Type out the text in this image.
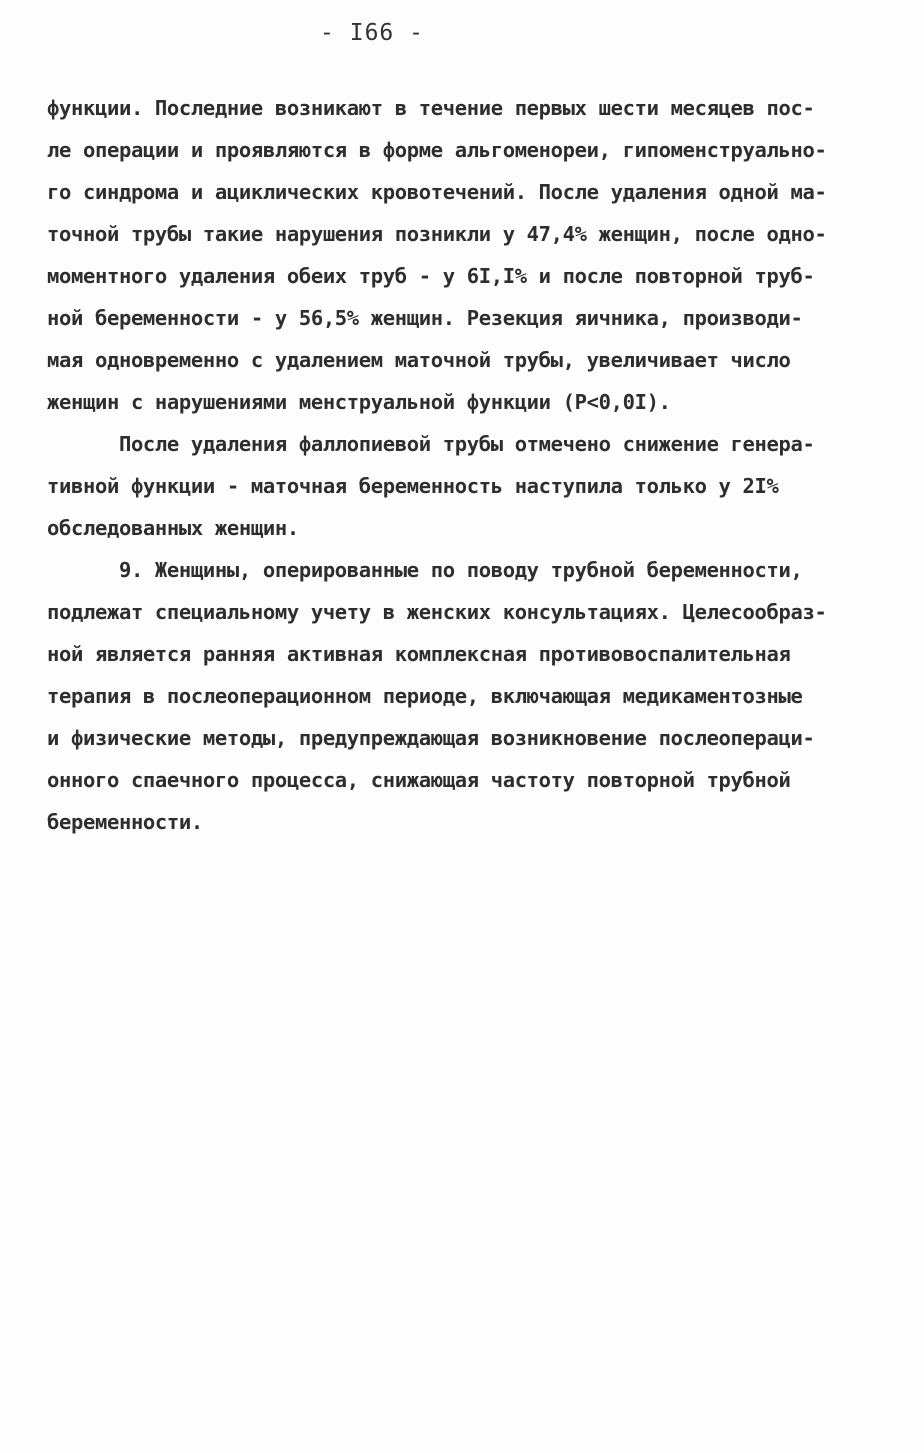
- I66 -
функции. Последние возникают в течение первых шести месяцев пос-
ле операции и проявляются в форме альгоменореи, гипоменструально-
го синдрома и ациклических кровотечений. После удаления одной ма-
точной трубы такие нарушения позникли у 47,4% женщин, после одно-
моментного удаления обеих труб - у 6I,I% и после повторной труб-
ной беременности - у 56,5% женщин. Резекция яичника, производи-
мая одновременно с удалением маточной трубы, увеличивает число
женщин с нарушениями менструальной функции (P<0,0I).
После удаления фаллопиевой трубы отмечено снижение генера-
тивной функции - маточная беременность наступила только у 2I%
обследованных женщин.
9. Женщины, оперированные по поводу трубной беременности,
подлежат специальному учету в женских консультациях. Целесообраз-
ной является ранняя активная комплексная противовоспалительная
терапия в послеоперационном периоде, включающая медикаментозные
и физические методы, предупреждающая возникновение послеопераци-
онного спаечного процесса, снижающая частоту повторной трубной
беременности.
